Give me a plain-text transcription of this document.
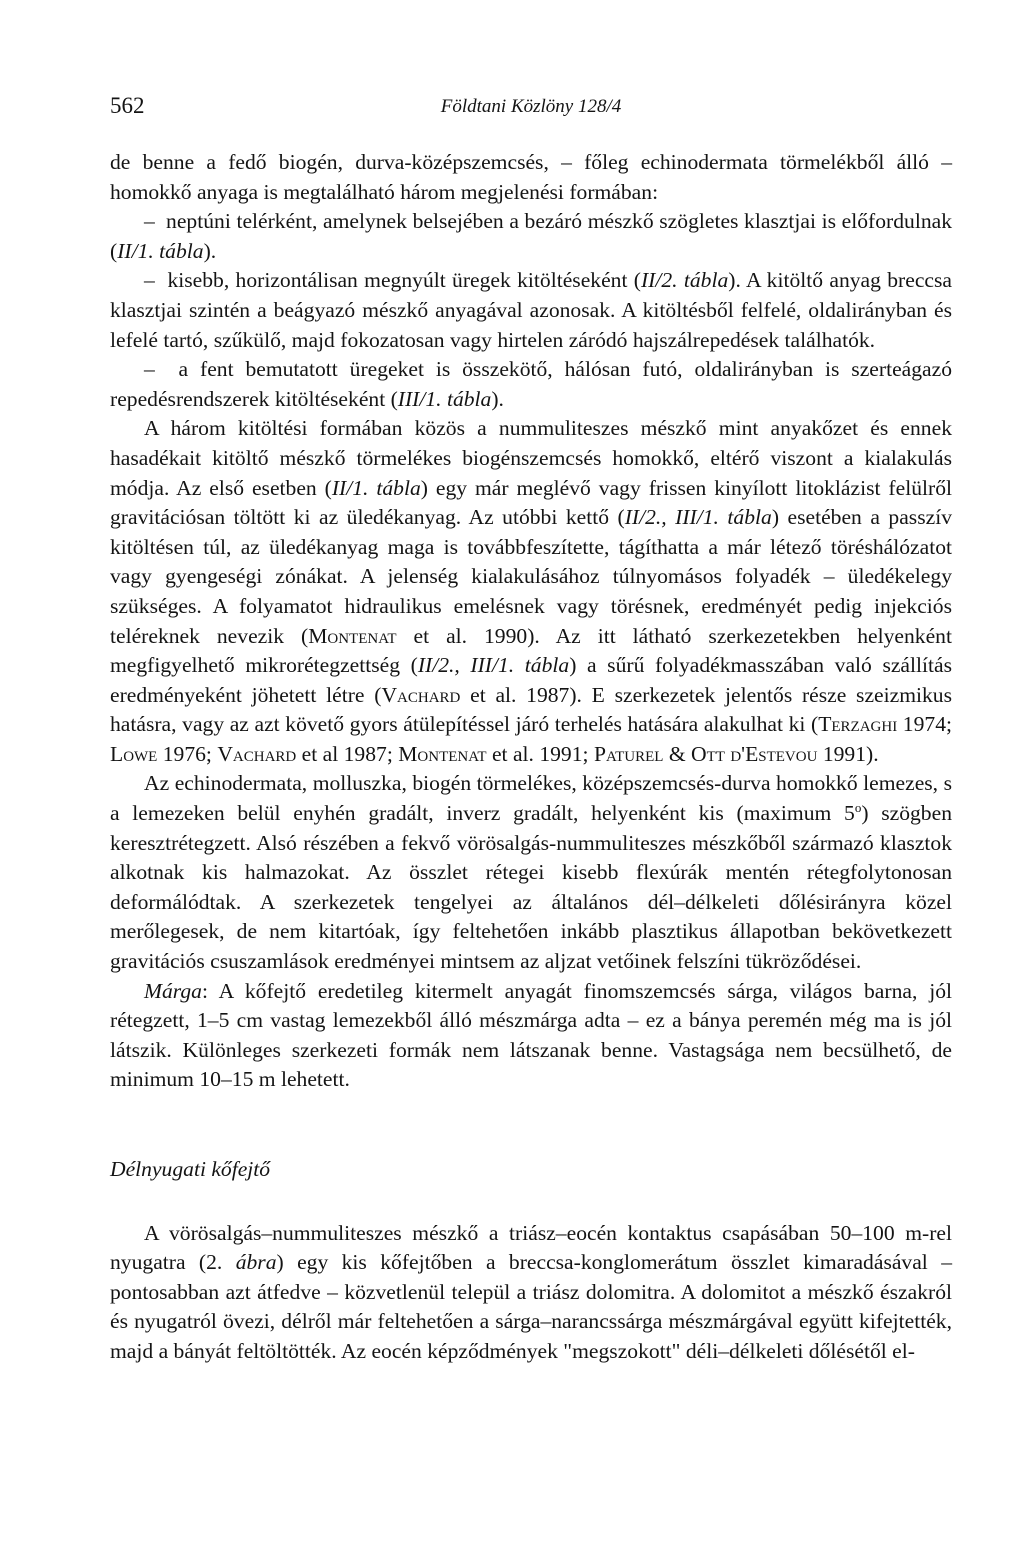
562	Földtani Közlöny 128/4

de benne a fedő biogén, durva-középszemcsés, – főleg echinodermata törmelékből álló – homokkő anyaga is megtalálható három megjelenési formában:

–  neptúni telérként, amelynek belsejében a bezáró mészkő szögletes klasztjai is előfordulnak (II/1. tábla).

–  kisebb, horizontálisan megnyúlt üregek kitöltéseként (II/2. tábla). A kitöltő anyag breccsa klasztjai szintén a beágyazó mészkő anyagával azonosak. A kitöltésből felfelé, oldalirányban és lefelé tartó, szűkülő, majd fokozatosan vagy hirtelen záródó hajszálrepedések találhatók.

–  a fent bemutatott üregeket is összekötő, hálósan futó, oldalirányban is szerteágazó repedésrendszerek kitöltéseként (III/1. tábla).

A három kitöltési formában közös a nummuliteszes mészkő mint anyakőzet és ennek hasadékait kitöltő mészkő törmelékes biogénszemcsés homokkő, eltérő viszont a kialakulás módja. Az első esetben (II/1. tábla) egy már meglévő vagy frissen kinyílott litoklázist felülről gravitációsan töltött ki az üledékanyag. Az utóbbi kettő (II/2., III/1. tábla) esetében a passzív kitöltésen túl, az üledékanyag maga is továbbfeszítette, tágíthatta a már létező töréshálózatot vagy gyengeségi zónákat. A jelenség kialakulásához túlnyomásos folyadék – üledékelegy szükséges. A folyamatot hidraulikus emelésnek vagy törésnek, eredményét pedig injekciós teléreknek nevezik (Montenat et al. 1990). Az itt látható szerkezetekben helyenként megfigyelhető mikrorétegzettség (II/2., III/1. tábla) a sűrű folyadékmasszában való szállítás eredményeként jöhetett létre (Vachard et al. 1987). E szerkezetek jelentős része szeizmikus hatásra, vagy az azt követő gyors átülepítéssel járó terhelés hatására alakulhat ki (Terzaghi 1974; Lowe 1976; Vachard et al 1987; Montenat et al. 1991; Paturel & Ott d'Estevou 1991).

Az echinodermata, molluszka, biogén törmelékes, középszemcsés-durva homokkő lemezes, s a lemezeken belül enyhén gradált, inverz gradált, helyenként kis (maximum 5$^o$) szögben keresztrétegzett. Alsó részében a fekvő vörösalgás-nummuliteszes mészkőből származó klasztok alkotnak kis halmazokat. Az összlet rétegei kisebb flexúrák mentén rétegfolytonosan deformálódtak. A szerkezetek tengelyei az általános dél–délkeleti dőlésirányra közel merőlegesek, de nem kitartóak, így feltehetően inkább plasztikus állapotban bekövetkezett gravitációs csuszamlások eredményei mintsem az aljzat vetőinek felszíni tükröződései.

Márga: A kőfejtő eredetileg kitermelt anyagát finomszemcsés sárga, világos barna, jól rétegzett, 1–5 cm vastag lemezekből álló mészmárga adta – ez a bánya peremén még ma is jól látszik. Különleges szerkezeti formák nem látszanak benne. Vastagsága nem becsülhető, de minimum 10–15 m lehetett.

Délnyugati kőfejtő

A vörösalgás–nummuliteszes mészkő a triász–eocén kontaktus csapásában 50–100 m-rel nyugatra (2. ábra) egy kis kőfejtőben a breccsa-konglomerátum összlet kimaradásával – pontosabban azt átfedve – közvetlenül települ a triász dolomitra. A dolomitot a mészkő északról és nyugatról övezi, délről már feltehetően a sárga–narancssárga mészmárgával együtt kifejtették, majd a bányát feltöltötték. Az eocén képződmények "megszokott" déli–délkeleti dőlésétől el-
